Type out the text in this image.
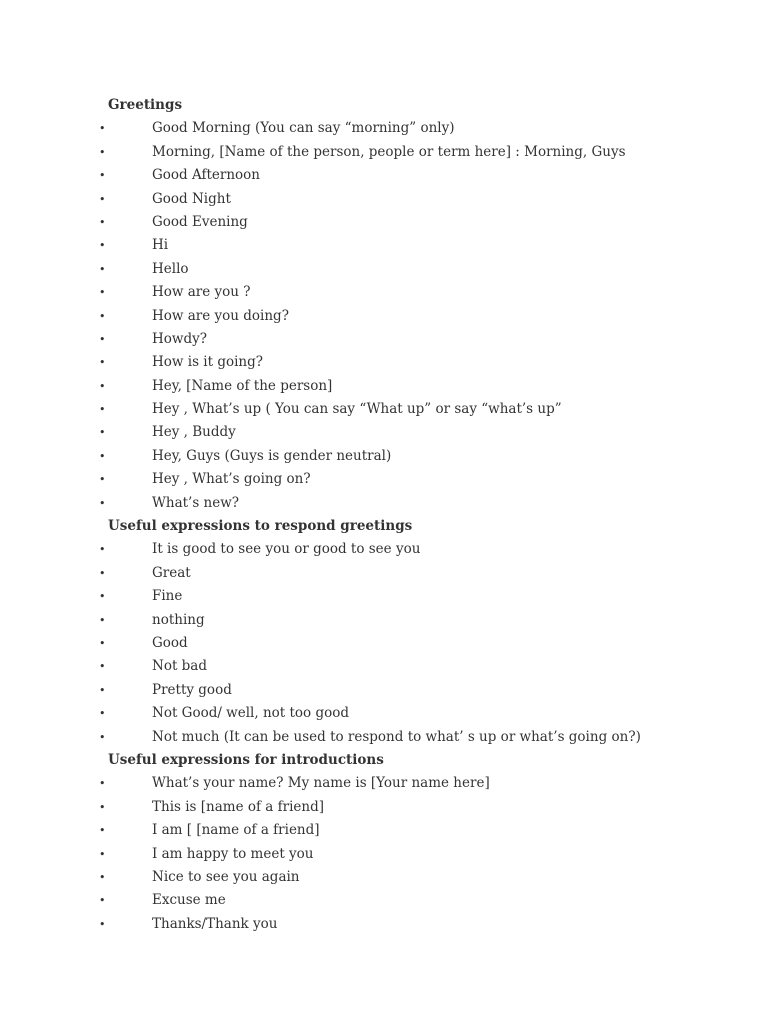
Greetings
•	Good Morning (You can say “morning” only)
•	Morning, [Name of the person, people or term here] : Morning, Guys
•	Good Afternoon
•	Good Night
•	Good Evening
•	Hi
•	Hello
•	How are you ?
•	How are you doing?
•	Howdy?
•	How is it going?
•	Hey, [Name of the person]
•	Hey , What’s up ( You can say “What up” or say “what’s up”
•	Hey , Buddy
•	Hey, Guys (Guys is gender neutral)
•	Hey , What’s going on?
•	What’s new?
Useful expressions to respond greetings
•	It is good to see you or good to see you
•	Great
•	Fine
•	nothing
•	Good
•	Not bad
•	Pretty good
•	Not Good/ well, not too good
•	Not much (It can be used to respond to what’ s up or what’s going on?)
Useful expressions for introductions
•	What’s your name? My name is [Your name here]
•	This is [name of a friend]
•	I am [ [name of a friend]
•	I am happy to meet you
•	Nice to see you again
•	Excuse me
•	Thanks/Thank you
